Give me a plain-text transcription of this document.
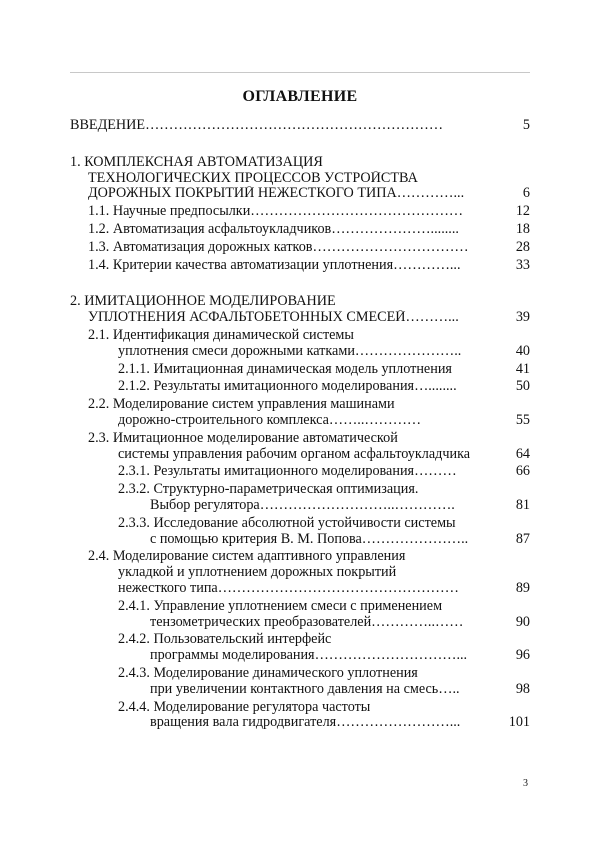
ОГЛАВЛЕНИЕ
ВВЕДЕНИЕ………………………………………………………	5
1. КОМПЛЕКСНАЯ АВТОМАТИЗАЦИЯ
ТЕХНОЛОГИЧЕСКИХ ПРОЦЕССОВ УСТРОЙСТВА
ДОРОЖНЫХ ПОКРЫТИЙ НЕЖЕСТКОГО ТИПА…………...	6
1.1. Научные предпосылки………………………………………	12
1.2. Автоматизация асфальтоукладчиков…………………........	18
1.3. Автоматизация дорожных катков……………………………	28
1.4. Критерии качества автоматизации уплотнения…………...	33
2. ИМИТАЦИОННОЕ МОДЕЛИРОВАНИЕ
УПЛОТНЕНИЯ АСФАЛЬТОБЕТОННЫХ СМЕСЕЙ………...	39
2.1. Идентификация динамической системы
уплотнения смеси дорожными катками…………………..	40
2.1.1. Имитационная динамическая модель уплотнения	41
2.1.2. Результаты имитационного моделирования…........	50
2.2. Моделирование систем управления машинами
дорожно-строительного комплекса……..…………	55
2.3. Имитационное моделирование автоматической
системы управления рабочим органом асфальтоукладчика	64
2.3.1. Результаты имитационного моделирования………	66
2.3.2. Структурно-параметрическая оптимизация.
Выбор регулятора………………………..………….	81
2.3.3. Исследование абсолютной устойчивости системы
с помощью критерия В. М. Попова…………………..	87
2.4. Моделирование систем адаптивного управления
укладкой и уплотнением дорожных покрытий
нежесткого типа……………………………………………	89
2.4.1. Управление уплотнением смеси с применением
тензометрических преобразователей…………..……	90
2.4.2. Пользовательский интерфейс
программы моделирования…………………………...	96
2.4.3. Моделирование динамического уплотнения
при увеличении контактного давления на смесь…..	98
2.4.4. Моделирование регулятора частоты
вращения вала гидродвигателя……………………...	101
3
